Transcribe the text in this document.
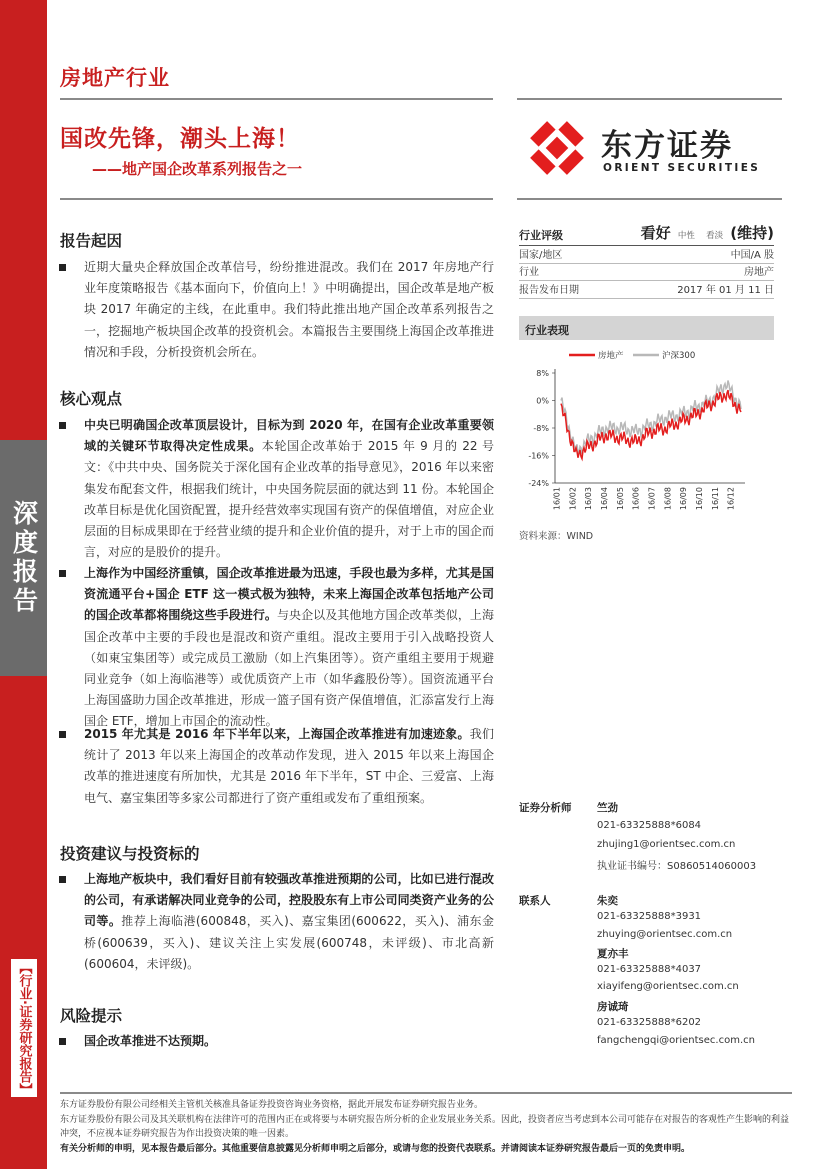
深度报告
【行业·证券研究报告】
房地产行业
国改先锋，潮头上海！
——地产国企改革系列报告之一
东方证券
ORIENT SECURITIES
报告起因
近期大量央企释放国企改革信号，纷纷推进混改。我们在 2017 年房地产行业年度策略报告《基本面向下，价值向上！》中明确提出，国企改革是地产板块 2017 年确定的主线，在此重申。我们特此推出地产国企改革系列报告之一，挖掘地产板块国企改革的投资机会。本篇报告主要围绕上海国企改革推进情况和手段，分析投资机会所在。
核心观点
中央已明确国企改革顶层设计，目标为到 2020 年，在国有企业改革重要领域的关键环节取得决定性成果。本轮国企改革始于 2015 年 9 月的 22 号文：《中共中央、国务院关于深化国有企业改革的指导意见》，2016 年以来密集发布配套文件，根据我们统计，中央国务院层面的就达到 11 份。本轮国企改革目标是优化国资配置，提升经营效率实现国有资产的保值增值，对应企业层面的目标成果即在于经营业绩的提升和企业价值的提升，对于上市的国企而言，对应的是股价的提升。
上海作为中国经济重镇，国企改革推进最为迅速，手段也最为多样，尤其是国资流通平台+国企 ETF 这一模式极为独特，未来上海国企改革包括地产公司的国企改革都将围绕这些手段进行。与央企以及其他地方国企改革类似，上海国企改革中主要的手段也是混改和资产重组。混改主要用于引入战略投资人（如東宝集团等）或完成员工激励（如上汽集团等）。资产重组主要用于规避同业竞争（如上海临港等）或优质资产上市（如华鑫股份等）。国资流通平台上海国盛助力国企改革推进，形成一篮子国有资产保值增值，汇添富发行上海国企 ETF，增加上市国企的流动性。
2015 年尤其是 2016 年下半年以来，上海国企改革推进有加速迹象。我们统计了 2013 年以来上海国企的改革动作发现，进入 2015 年以来上海国企改革的推进速度有所加快，尤其是 2016 年下半年，ST 中企、三爱富、上海电气、嘉宝集团等多家公司都进行了资产重组或发布了重组预案。
投资建议与投资标的
上海地产板块中，我们看好目前有较强改革推进预期的公司，比如已进行混改的公司，有承诺解决同业竞争的公司，控股股东有上市公司同类资产业务的公司等。推荐上海临港(600848，买入)、嘉宝集团(600622，买入)、浦东金桥(600639，买入)、建议关注上实发展(600748，未评级)、市北高新(600604，未评级)。
风险提示
国企改革推进不达预期。
行业评级	看好 中性 看淡 (维持)
国家/地区	中国/A 股
行业	房地产
报告发布日期	2017 年 01 月 11 日
行业表现
房地产	沪深300
8%
0%
-8%
-16%
-24%
16/01 16/02 16/03 16/04 16/05 16/06 16/07 16/08 16/09 16/10 16/11 16/12
资料来源：WIND
证券分析师 竺劲
021-63325888*6084
zhujing1@orientsec.com.cn
执业证书编号：S0860514060003
联系人	朱奕
021-63325888*3931
zhuying@orientsec.com.cn
夏亦丰
021-63325888*4037
xiayifeng@orientsec.com.cn
房诚琦
021-63325888*6202
fangchengqi@orientsec.com.cn
东方证券股份有限公司经相关主管机关核准具备证券投资咨询业务资格，据此开展发布证券研究报告业务。
东方证券股份有限公司及其关联机构在法律许可的范围内正在或将要与本研究报告所分析的企业发展业务关系。因此，投资者应当考虑到本公司可能存在对报告的客观性产生影响的利益冲突，不应视本证券研究报告为作出投资决策的唯一因素。
有关分析师的申明，见本报告最后部分。其他重要信息披露见分析师申明之后部分，或请与您的投资代表联系。并请阅读本证券研究报告最后一页的免责申明。
